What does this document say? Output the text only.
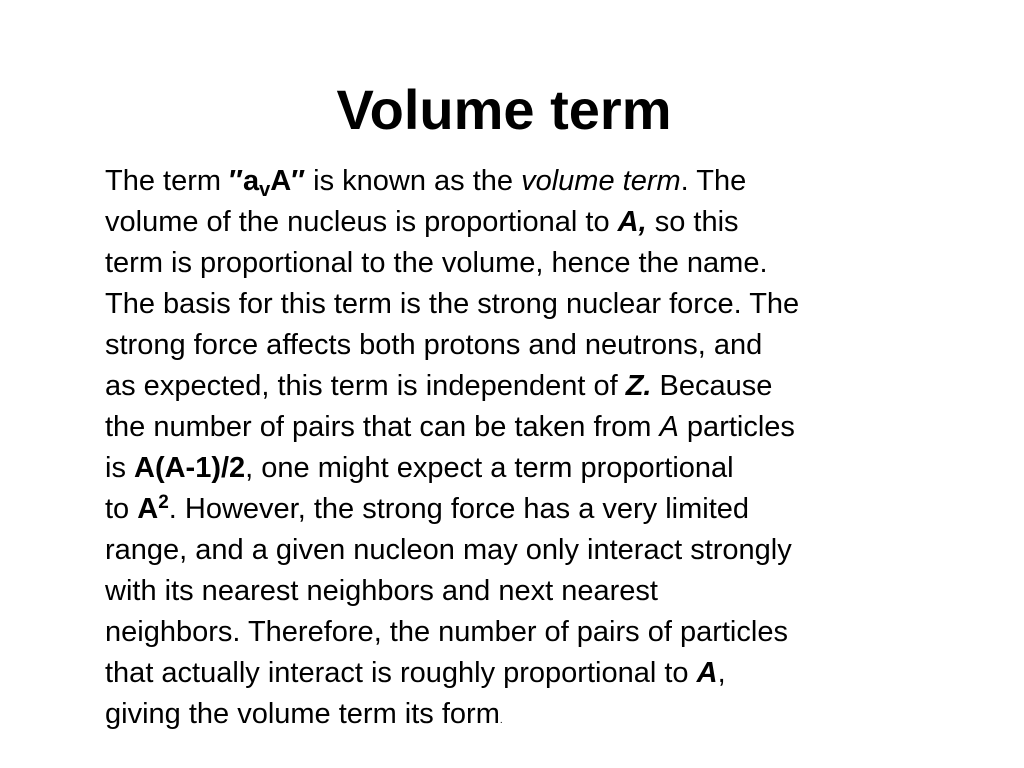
Volume term
The term $''a_vA''$ is known as the volume term. The
volume of the nucleus is proportional to A, so this
term is proportional to the volume, hence the name.
The basis for this term is the strong nuclear force. The
strong force affects both protons and neutrons, and
as expected, this term is independent of Z. Because
the number of pairs that can be taken from A particles
is A(A-1)/2, one might expect a term proportional
to $A^2$. However, the strong force has a very limited
range, and a given nucleon may only interact strongly
with its nearest neighbors and next nearest
neighbors. Therefore, the number of pairs of particles
that actually interact is roughly proportional to A,
giving the volume term its form.
